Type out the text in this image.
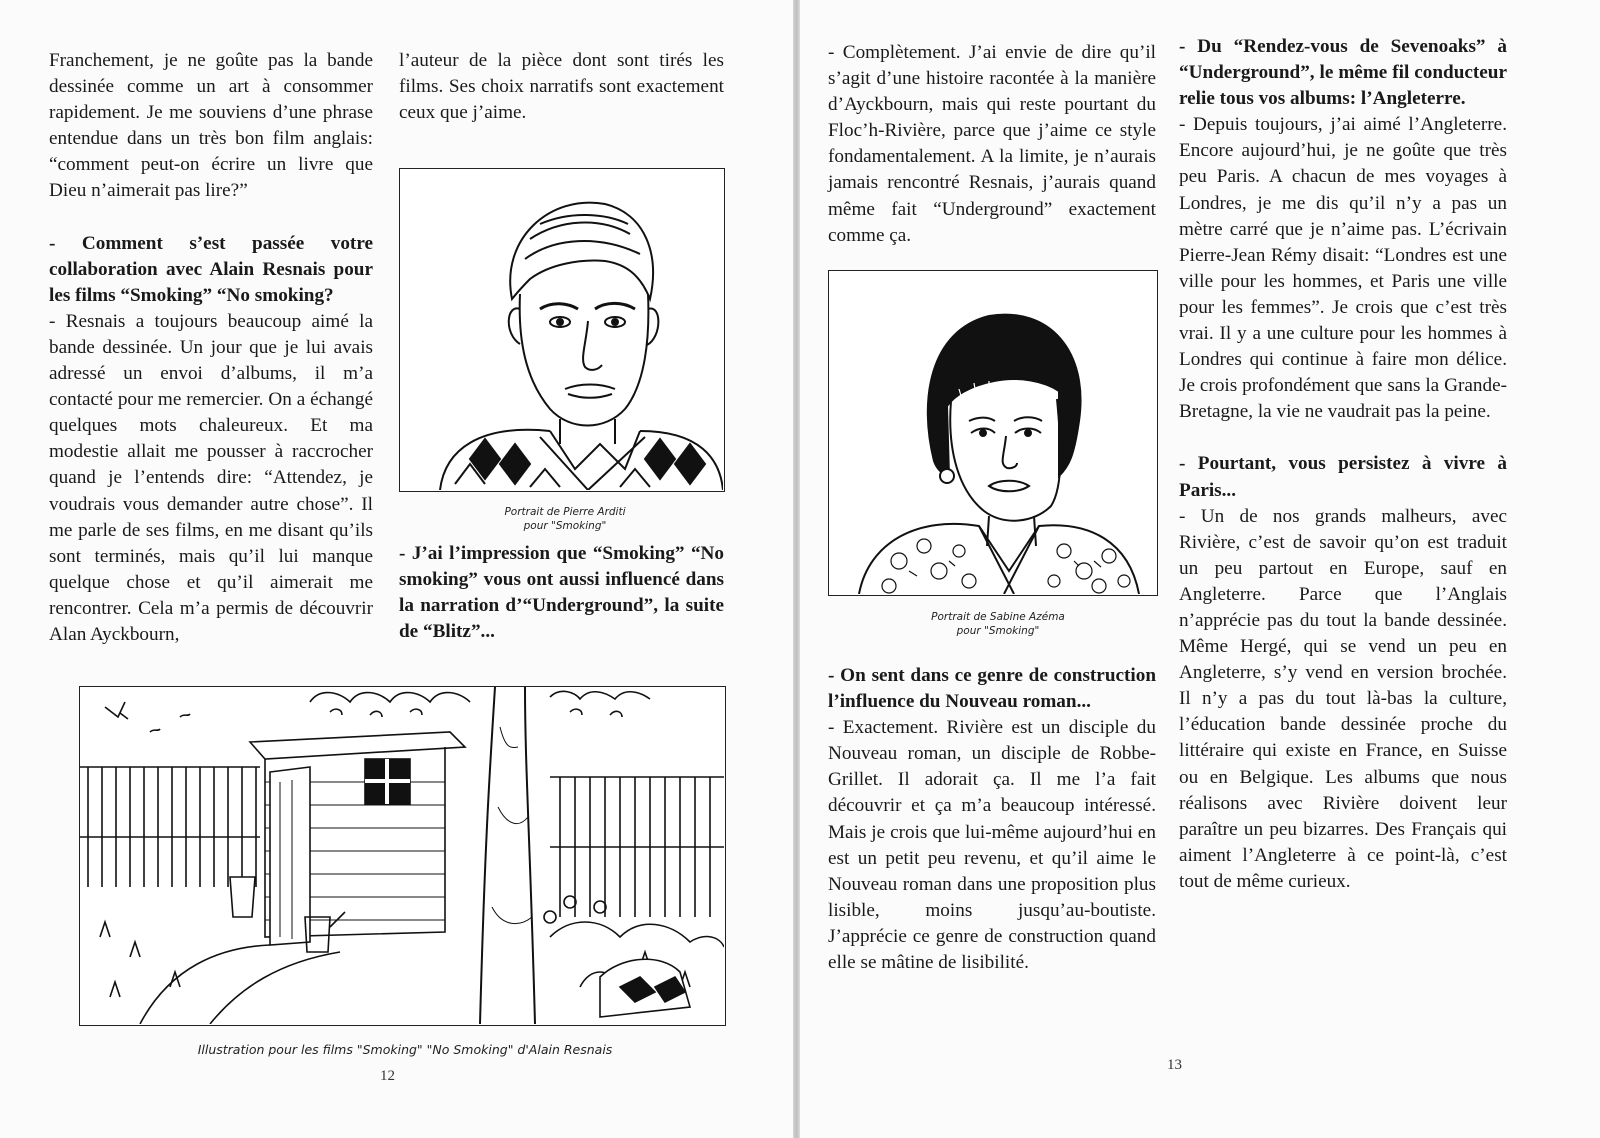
Franchement, je ne goûte pas la bande dessinée comme un art à consommer rapidement. Je me souviens d’une phrase entendue dans un très bon film anglais: “comment peut-on écrire un livre que Dieu n’aimerait pas lire?”

- Comment s’est passée votre collaboration avec Alain Resnais pour les films “Smoking” “No smoking?

- Resnais a toujours beaucoup aimé la bande dessinée. Un jour que je lui avais adressé un envoi d’albums, il m’a contacté pour me remercier. On a échangé quelques mots chaleureux. Et ma modestie allait me pousser à raccrocher quand je l’entends dire: “Attendez, je voudrais vous demander autre chose”. Il me parle de ses films, en me disant qu’ils sont terminés, mais qu’il lui manque quelque chose et qu’il aimerait me rencontrer. Cela m’a permis de découvrir Alan Ayckbourn,

l’auteur de la pièce dont sont tirés les films. Ses choix narratifs sont exactement ceux que j’aime.

Portrait de Pierre Arditi
pour "Smoking"

- J’ai l’impression que “Smoking” “No smoking” vous ont aussi influencé dans la narration d’“Underground”, la suite de “Blitz”...

Illustration pour les films "Smoking" "No Smoking" d'Alain Resnais
12

- Complètement. J’ai envie de dire qu’il s’agit d’une histoire racontée à la manière d’Ayckbourn, mais qui reste pourtant du Floc’h-Rivière, parce que j’aime ce style fondamentalement. A la limite, je n’aurais jamais rencontré Resnais, j’aurais quand même fait “Underground” exactement comme ça.

Portrait de Sabine Azéma
pour "Smoking"

- On sent dans ce genre de construction l’influence du Nouveau roman...

- Exactement. Rivière est un disciple du Nouveau roman, un disciple de Robbe-Grillet. Il adorait ça. Il me l’a fait découvrir et ça m’a beaucoup intéressé. Mais je crois que lui-même aujourd’hui en est un petit peu revenu, et qu’il aime le Nouveau roman dans une proposition plus lisible, moins jusqu’au-boutiste. J’apprécie ce genre de construction quand elle se mâtine de lisibilité.

- Du “Rendez-vous de Sevenoaks” à “Underground”, le même fil conducteur relie tous vos albums: l’Angleterre.

- Depuis toujours, j’ai aimé l’Angleterre. Encore aujourd’hui, je ne goûte que très peu Paris. A chacun de mes voyages à Londres, je me dis qu’il n’y a pas un mètre carré que je n’aime pas. L’écrivain Pierre-Jean Rémy disait: “Londres est une ville pour les hommes, et Paris une ville pour les femmes”. Je crois que c’est très vrai. Il y a une culture pour les hommes à Londres qui continue à faire mon délice. Je crois profondément que sans la Grande-Bretagne, la vie ne vaudrait pas la peine.

- Pourtant, vous persistez à vivre à Paris...

- Un de nos grands malheurs, avec Rivière, c’est de savoir qu’on est traduit un peu partout en Europe, sauf en Angleterre. Parce que l’Anglais n’apprécie pas du tout la bande dessinée. Même Hergé, qui se vend un peu en Angleterre, s’y vend en version brochée. Il n’y a pas du tout là-bas la culture, l’éducation bande dessinée proche du littéraire qui existe en France, en Suisse ou en Belgique. Les albums que nous réalisons avec Rivière doivent leur paraître un peu bizarres. Des Français qui aiment l’Angleterre à ce point-là, c’est tout de même curieux.

13
